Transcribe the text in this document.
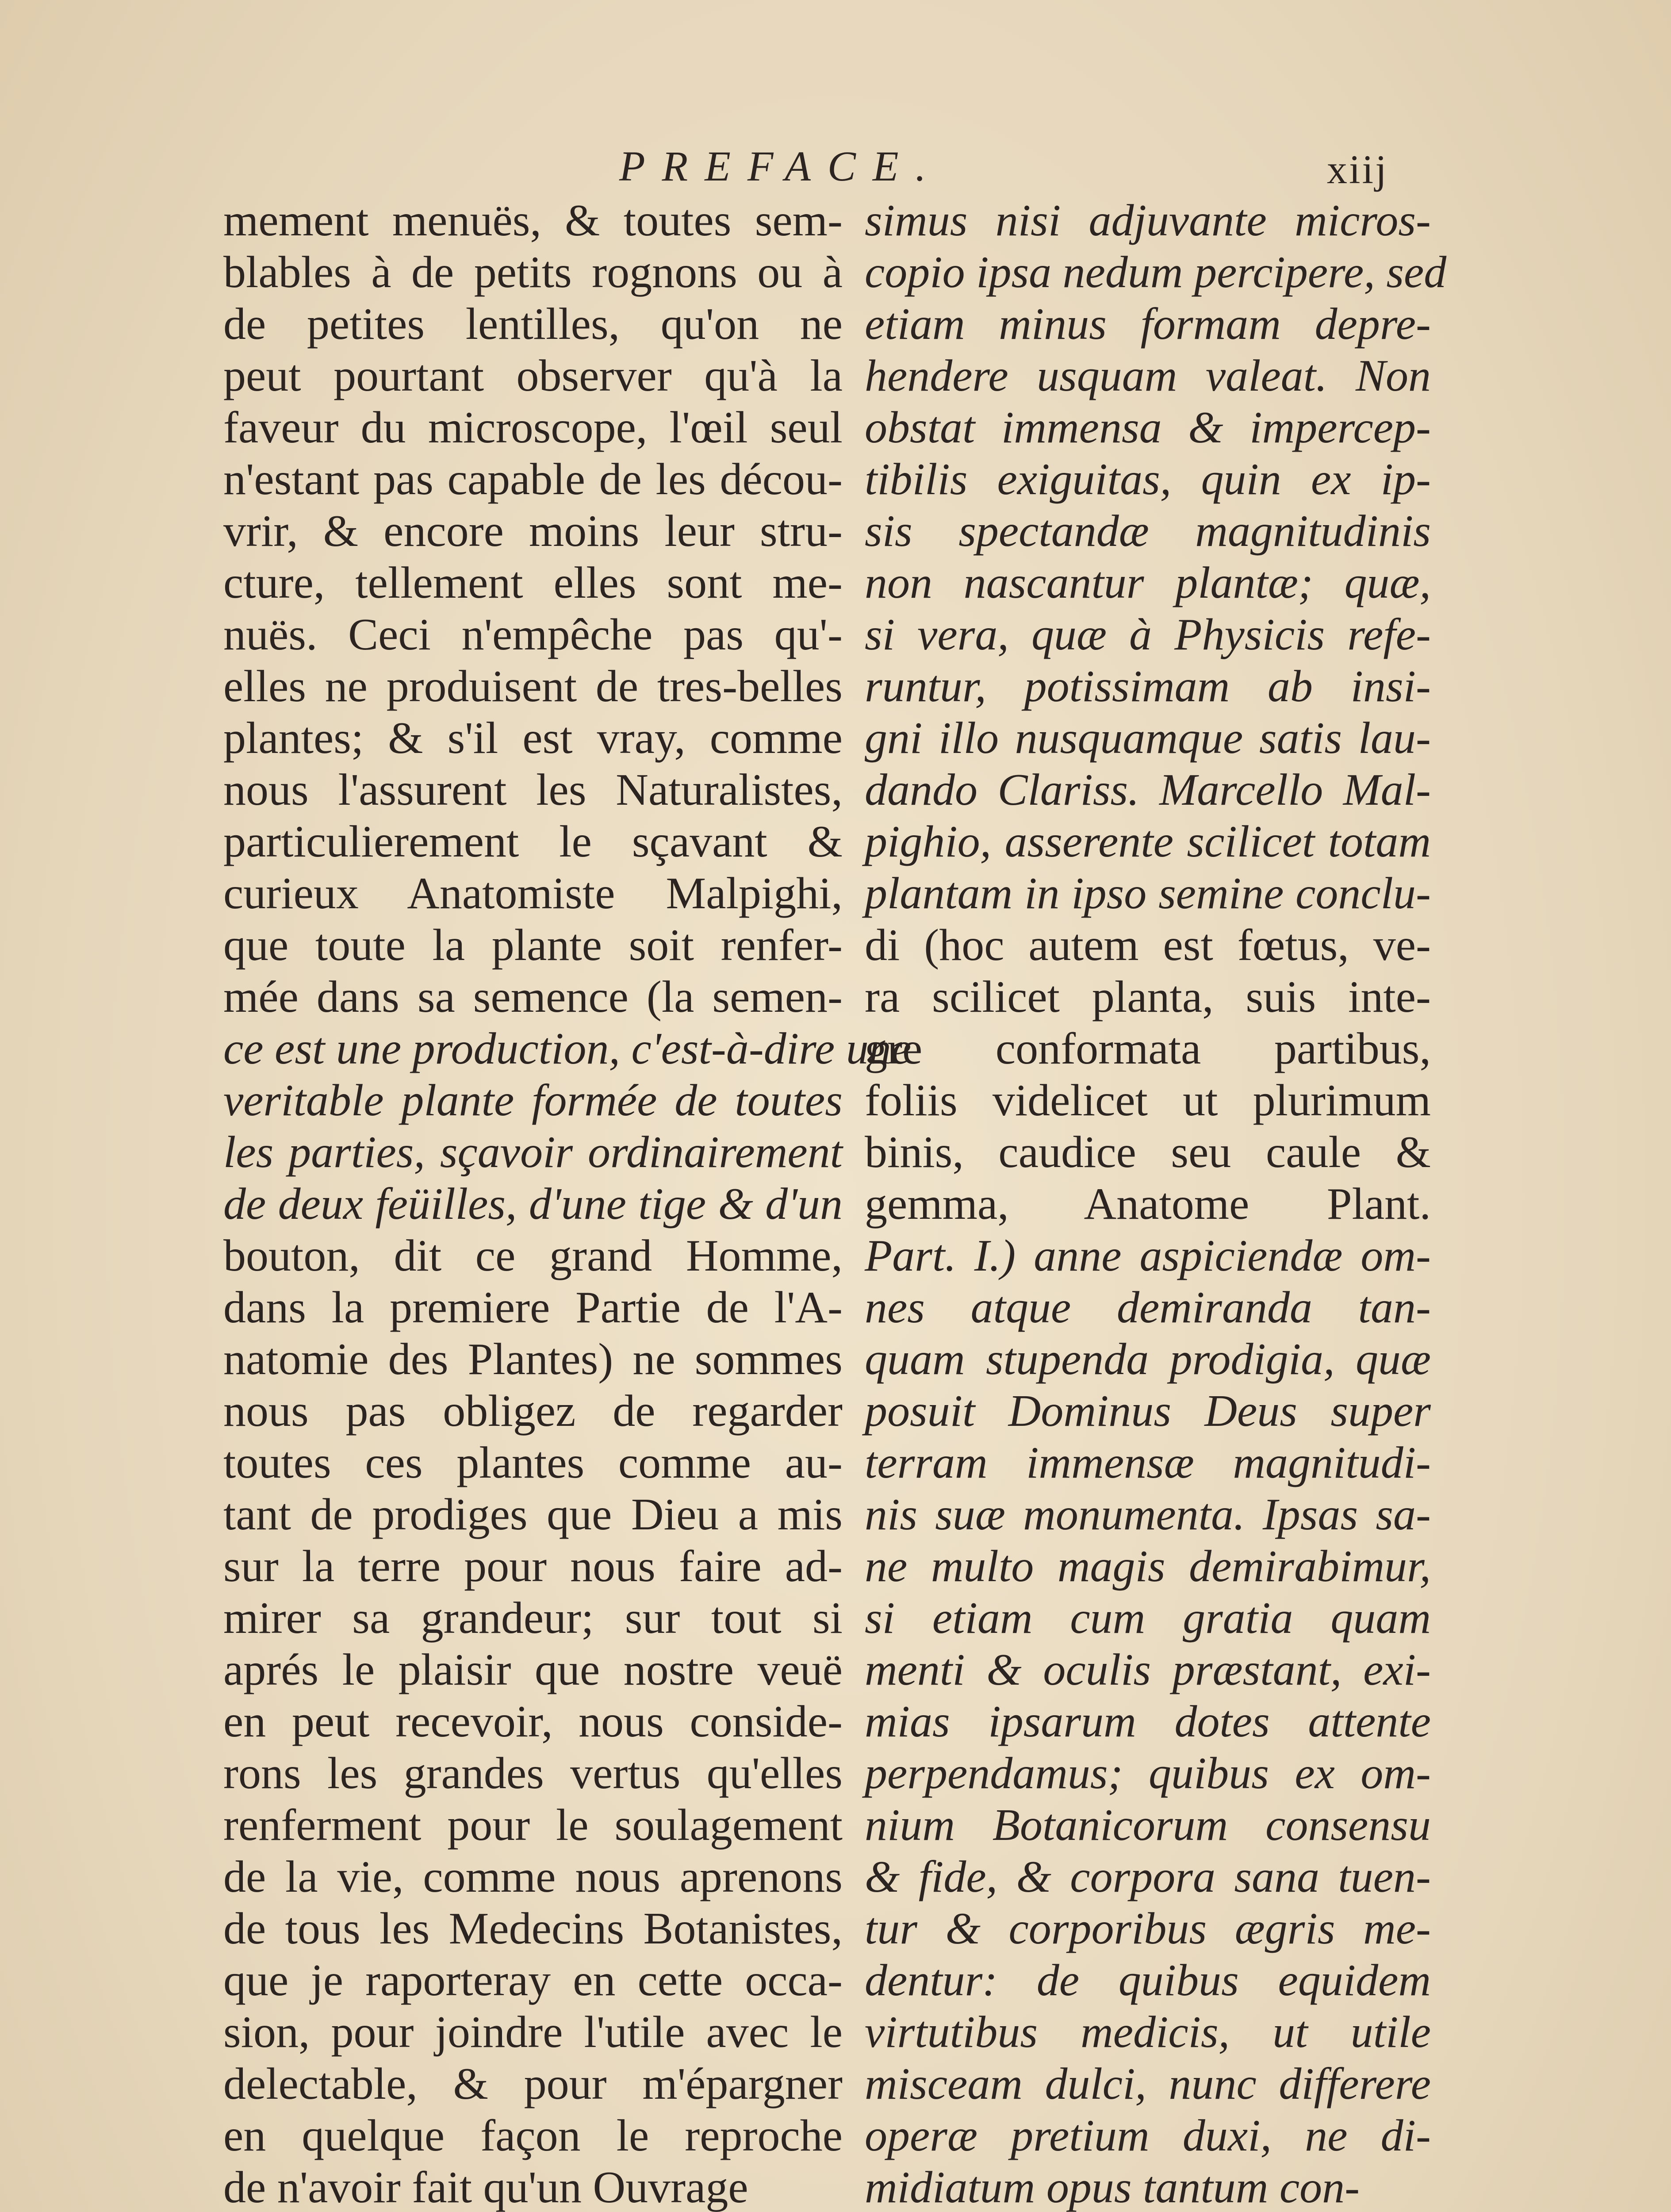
PREFACE.	xiij
mement menuës, & toutes sem-
blables à de petits rognons ou à
de petites lentilles, qu'on ne
peut pourtant observer qu'à la
faveur du microscope, l'œil seul
n'estant pas capable de les décou-
vrir, & encore moins leur stru-
cture, tellement elles sont me-
nuës. Ceci n'empêche pas qu'-
elles ne produisent de tres-belles
plantes; & s'il est vray, comme
nous l'assurent les Naturalistes,
particulierement le sçavant &
curieux Anatomiste Malpighi,
que toute la plante soit renfer-
mée dans sa semence (la semen-
ce est une production, c'est-à-dire une
veritable plante formée de toutes
les parties, sçavoir ordinairement
de deux feüilles, d'une tige & d'un
bouton, dit ce grand Homme,
dans la premiere Partie de l'A-
natomie des Plantes) ne sommes
nous pas obligez de regarder
toutes ces plantes comme au-
tant de prodiges que Dieu a mis
sur la terre pour nous faire ad-
mirer sa grandeur; sur tout si
aprés le plaisir que nostre veuë
en peut recevoir, nous conside-
rons les grandes vertus qu'elles
renferment pour le soulagement
de la vie, comme nous aprenons
de tous les Medecins Botanistes,
que je raporteray en cette occa-
sion, pour joindre l'utile avec le
delectable, & pour m'épargner
en quelque façon le reproche
de n'avoir fait qu'un Ouvrage
simus nisi adjuvante micros-
copio ipsa nedum percipere, sed
etiam minus formam depre-
hendere usquam valeat. Non
obstat immensa & impercep-
tibilis exiguitas, quin ex ip-
sis spectandæ magnitudinis
non nascantur plantæ; quæ,
si vera, quæ à Physicis refe-
runtur, potissimam ab insi-
gni illo nusquamque satis lau-
dando Clariss. Marcello Mal-
pighio, asserente scilicet totam
plantam in ipso semine conclu-
di (hoc autem est fœtus, ve-
ra scilicet planta, suis inte-
gre conformata partibus,
foliis videlicet ut plurimum
binis, caudice seu caule &
gemma, Anatome Plant.
Part. I.) anne aspiciendæ om-
nes atque demiranda tan-
quam stupenda prodigia, quæ
posuit Dominus Deus super
terram immensæ magnitudi-
nis suæ monumenta. Ipsas sa-
ne multo magis demirabimur,
si etiam cum gratia quam
menti & oculis præstant, exi-
mias ipsarum dotes attente
perpendamus; quibus ex om-
nium Botanicorum consensu
& fide, & corpora sana tuen-
tur & corporibus ægris me-
dentur: de quibus equidem
virtutibus medicis, ut utile
misceam dulci, nunc differere
operæ pretium duxi, ne di-
midiatum opus tantum con-
